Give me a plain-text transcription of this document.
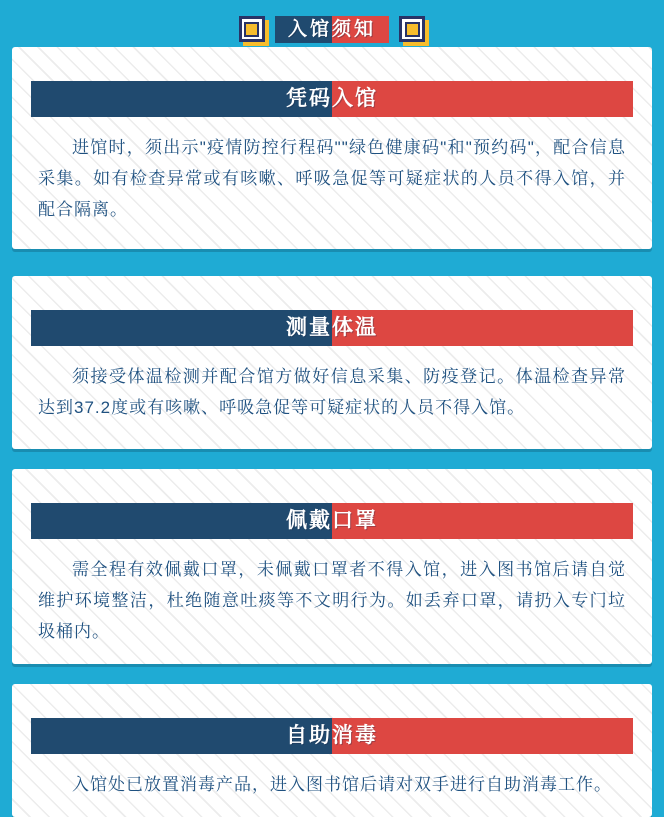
入馆须知
凭码入馆

进馆时，须出示"疫情防控行程码""绿色健康码"和"预约码"，配合信息采集。如有检查异常或有咳嗽、呼吸急促等可疑症状的人员不得入馆，并配合隔离。

测量体温

须接受体温检测并配合馆方做好信息采集、防疫登记。体温检查异常达到37.2度或有咳嗽、呼吸急促等可疑症状的人员不得入馆。

佩戴口罩

需全程有效佩戴口罩，未佩戴口罩者不得入馆，进入图书馆后请自觉维护环境整洁，杜绝随意吐痰等不文明行为。如丢弃口罩，请扔入专门垃圾桶内。

自助消毒

入馆处已放置消毒产品，进入图书馆后请对双手进行自助消毒工作。
